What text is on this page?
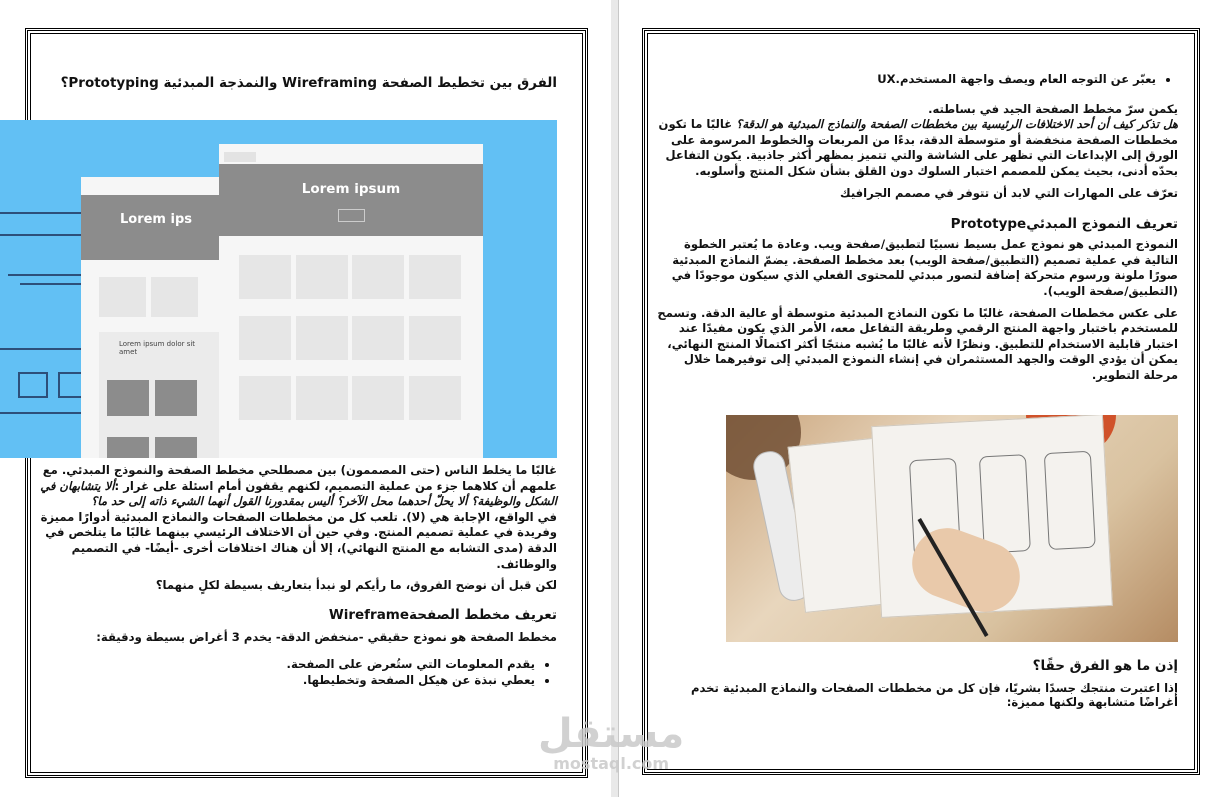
الفرق بين تخطيط الصفحة Wireframing والنمذجة المبدئية Prototyping؟
Lorem ips
Lorem ipsum dolor sit amet
Lorem ipsum

غالبًا ما يخلط الناس (حتى المصممون) بين مصطلحي مخطط الصفحة والنموذج المبدئي. مع علمهم أن كلاهما جزء من عملية التصميم، لكنهم يقفون أمام اسئلة على غرار :ألا يتشابهان في الشكل والوظيفة؟ ألا يحلّ أحدهما محل الآخر؟ أليس بمقدورنا القول أنهما الشيء ذاته إلى حد ما؟

في الواقع، الإجابة هي (لا). تلعب كل من مخططات الصفحات والنماذج المبدئية أدوارًا مميزة وفريدة في عملية تصميم المنتج. وفي حين أن الاختلاف الرئيسي بينهما غالبًا ما يتلخص في الدقة (مدى التشابه مع المنتج النهائي)، إلا أن هناك اختلافات أخرى -أيضًا- في التصميم والوظائف.

لكن قبل أن نوضح الفروق، ما رأيكم لو نبدأ بتعاريف بسيطة لكلٍ منهما؟

تعريف مخطط الصفحةWireframe

مخطط الصفحة هو نموذج حقيقي -منخفض الدقة- يخدم 3 أغراض بسيطة ودقيقة:

• يقدم المعلومات التي ستُعرض على الصفحة.
• يعطي نبذة عن هيكل الصفحة وتخطيطها.
• يعبّر عن التوجه العام ويصف واجهة المستخدم.UX

يكمن سرّ مخطط الصفحة الجيد في بساطته.
هل تذكر كيف أن أحد الاختلافات الرئيسية بين مخططات الصفحة والنماذج المبدئية هو الدقة؟ غالبًا ما تكون مخططات الصفحة منخفضة أو متوسطة الدقة، بدءًا من المربعات والخطوط المرسومة على الورق إلى الإبداعات التي تظهر على الشاشة والتي تتميز بمظهر أكثر جاذبية. يكون التفاعل بحدّه أدنى، بحيث يمكن للمصمم اختبار السلوك دون القلق بشأن شكل المنتج وأسلوبه.

تعرّف على المهارات التي لابد أن تتوفر في مصمم الجرافيك

تعريف النموذج المبدئيPrototype

النموذج المبدئي هو نموذج عمل بسيط نسبيًا لتطبيق/صفحة ويب. وعادة ما يُعتبر الخطوة التالية في عملية تصميم (التطبيق/صفحة الويب) بعد مخطط الصفحة. يضمّ النماذج المبدئية صورًا ملونة ورسوم متحركة إضافة لتصور مبدئي للمحتوى الفعلي الذي سيكون موجودًا في (التطبيق/صفحة الويب).

على عكس مخططات الصفحة، غالبًا ما تكون النماذج المبدئية متوسطة أو عالية الدقة. وتسمح للمستخدم باختبار واجهة المنتج الرقمي وطريقة التفاعل معه، الأمر الذي يكون مفيدًا عند اختبار قابلية الاستخدام للتطبيق. ونظرًا لأنه غالبًا ما يُشبه منتجًا أكثر اكتمالًا المنتج النهائي، يمكن أن يؤدي الوقت والجهد المستثمران في إنشاء النموذج المبدئي إلى توفيرهما خلال مرحلة التطوير.

إذن ما هو الفرق حقًا؟

إذا اعتبرت منتجك جسدًا بشريًا، فإن كل من مخططات الصفحات والنماذج المبدئية تخدم أغراضًا متشابهة ولكنها مميزة:

مستقل
mostaql.com
